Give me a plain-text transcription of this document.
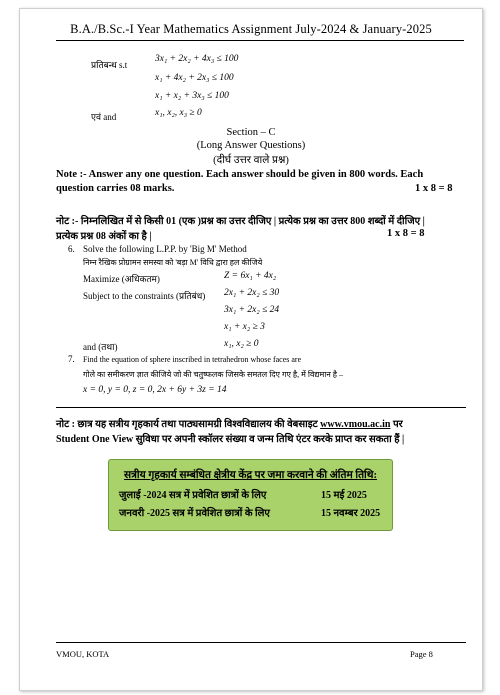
B.A./B.Sc.-I Year Mathematics Assignment July-2024 & January-2025
प्रतिबन्ध s.t
3x₁ + 2x₂ + 4x₃ ≤ 100
x₁ + 4x₂ + 2x₃ ≤ 100
x₁ + x₂ + 3x₃ ≤ 100
एवं and	x₁, x₂, x₃ ≥ 0
Section – C
(Long Answer Questions)
(दीर्घ उत्तर वाले प्रश्न)
Note :- Answer any one question. Each answer should be given in 800 words. Each
question carries 08 marks.	1 x 8 = 8
नोट :- निम्नलिखित में से किसी 01 (एक )प्रश्न का उत्तर दीजिए | प्रत्येक प्रश्न का उत्तर 800 शब्दों में दीजिए |
प्रत्येक प्रश्न 08 अंकों का है |	1 x 8 = 8
6. Solve the following L.P.P. by 'Big M' Method
निम्न रैखिक प्रोग्रामन समस्या को 'बड़ा M' विधि द्वारा हल कीजिये
Maximize (अधिकतम)	Z = 6x₁ + 4x₂
Subject to the constraints (प्रतिबंध) 2x₁ + 2x₂ ≤ 30
3x₁ + 2x₂ ≤ 24
x₁ + x₂ ≥ 3
and (तथा)	x₁, x₂ ≥ 0
7. Find the equation of sphere inscribed in tetrahedron whose faces are
गोले का समीकरण ज्ञात कीजिये जो की चतुष्फलक जिसके समतल दिए गए है, में विद्यमान है –
x = 0, y = 0, z = 0, 2x + 6y + 3z = 14
नोट : छात्र यह सत्रीय गृहकार्य तथा पाठ्यसामग्री विश्वविद्यालय की वेबसाइट www.vmou.ac.in पर
Student One View सुविधा पर अपनी स्कॉलर संख्या व जन्म तिथि एंटर करके प्राप्त कर सकता हैं |
सत्रीय गृहकार्य सम्बंधित क्षेत्रीय केंद्र पर जमा करवाने की अंतिम तिथि:
जुलाई -2024 सत्र में प्रवेशित छात्रों के लिए	15 मई 2025
जनवरी -2025 सत्र में प्रवेशित छात्रों के लिए	15 नवम्बर 2025
VMOU, KOTA	Page 8
